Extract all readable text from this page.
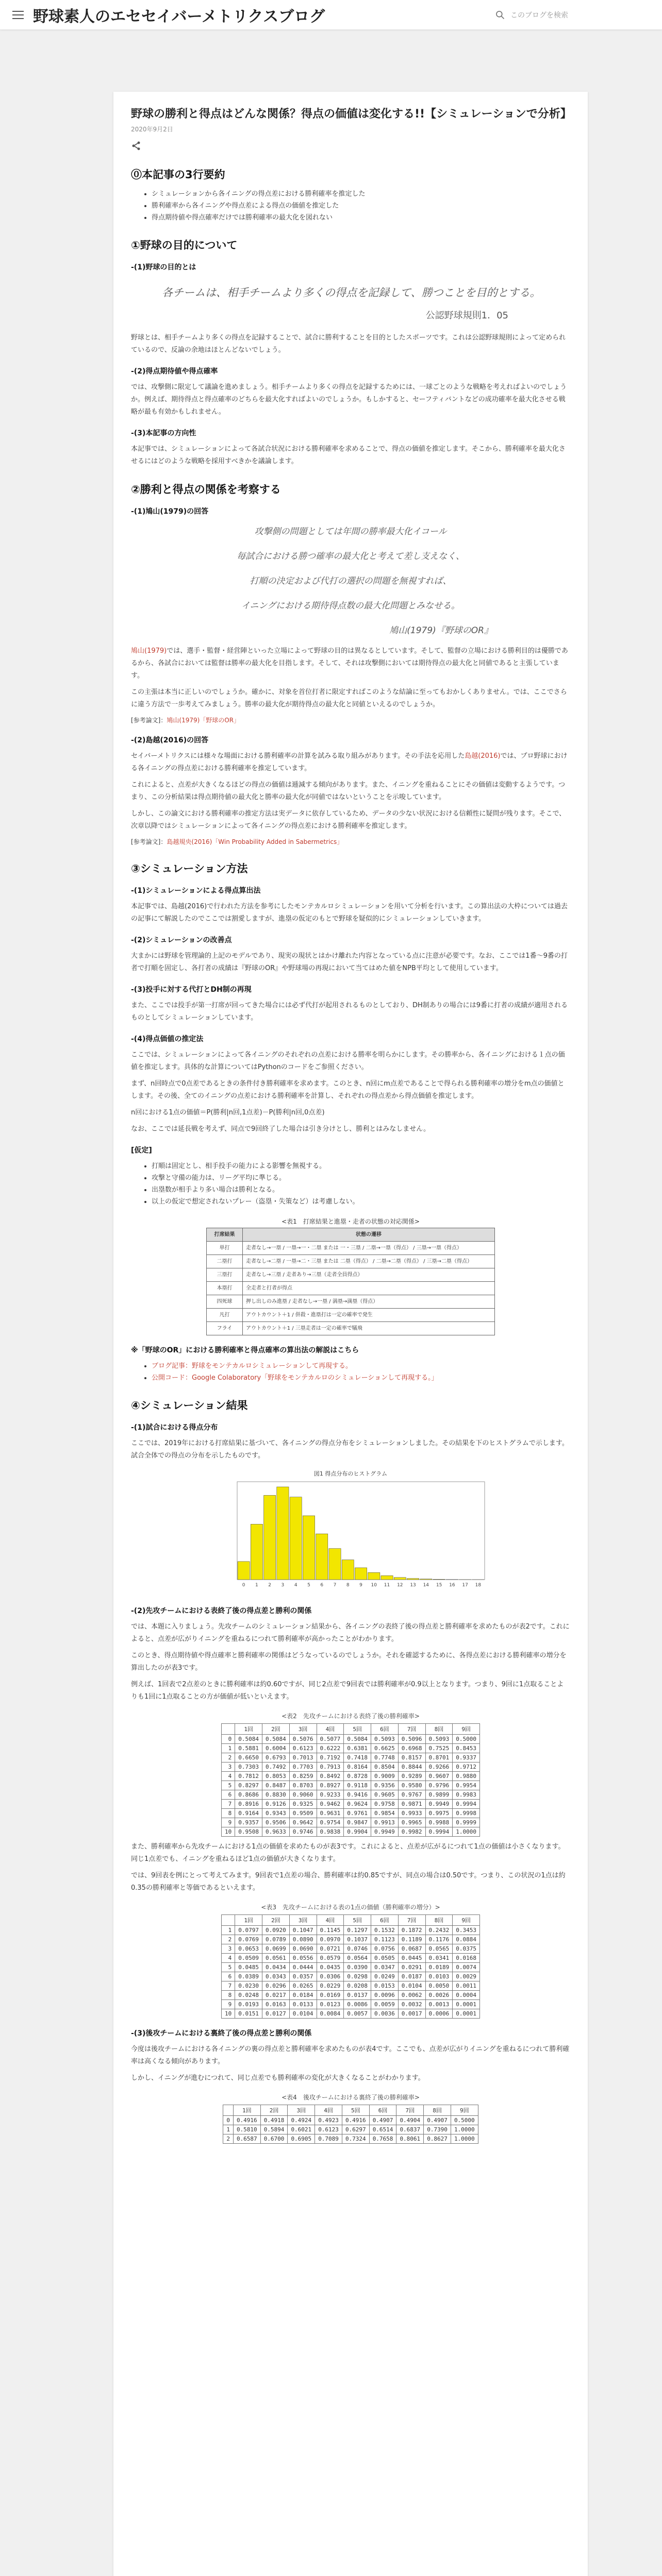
野球素人のエセセイバーメトリクスブログ	このブログを検索
野球の勝利と得点はどんな関係？得点の価値は変化する!!【シミュレーションで分析】
2020年9月2日
⓪本記事の3行要約
• シミュレーションから各イニングの得点差における勝利確率を推定した
• 勝利確率から各イニングや得点差による得点の価値を推定した
• 得点期待値や得点確率だけでは勝利確率の最大化を図れない
①野球の目的について
-(1)野球の目的とは
各チームは、相手チームより多くの得点を記録して、勝つことを目的とする。
公認野球規則1．05

野球とは、相手チームより多くの得点を記録することで、試合に勝利することを目的としたスポーツです。これは公認野球規則によって定められているので、反論の余地はほとんどないでしょう。

-(2)得点期待値や得点確率

では、攻撃側に限定して議論を進めましょう。相手チームより多くの得点を記録するためには、一球ごとのような戦略を考えればよいのでしょうか。例えば、期待得点と得点確率のどちらを最大化すればよいのでしょうか。もしかすると、セーフティバントなどの成功確率を最大化させる戦略が最も有効かもしれません。

-(3)本記事の方向性

本記事では、シミュレーションによって各試合状況における勝利確率を求めることで、得点の価値を推定します。そこから、勝利確率を最大化させるにはどのような戦略を採用すべきかを議論します。

②勝利と得点の関係を考察する
-(1)鳩山(1979)の回答
攻撃側の問題としては年間の勝率最大化イコール
毎試合における勝つ確率の最大化と考えて差し支えなく、
打順の決定および代打の選択の問題を無視すれば、
イニングにおける期待得点数の最大化問題とみなせる。
鳩山(1979)『野球のOR』

鳩山(1979)では、選手・監督・経営陣といった立場によって野球の目的は異なるとしています。そして、監督の立場における勝利目的は優勝であるから、各試合においては監督は勝率の最大化を目指します。そして、それは攻撃側においては期待得点の最大化と同値であると主張しています。

この主張は本当に正しいのでしょうか。確かに、対象を首位打者に限定すればこのような結論に至ってもおかしくありません。では、ここでさらに違う方法で一歩考えてみましょう。勝率の最大化が期待得点の最大化と同値といえるのでしょうか。

[参考論文]：鳩山(1979)「野球のOR」

-(2)島越(2016)の回答

セイバーメトリクスには様々な場面における勝利確率の計算を試みる取り組みがあります。その手法を応用した島越(2016)では、プロ野球における各イニングの得点差における勝利確率を推定しています。

これによると、点差が大きくなるほどの得点の価値は逓減する傾向があります。また、イニングを重ねることにその価値は変動するようです。つまり、この分析結果は得点期待値の最大化と勝率の最大化が同値ではないということを示唆しています。

しかし、この論文における勝利確率の推定方法は実データに依存しているため、データの少ない状況における信頼性に疑問が残ります。そこで、次章以降ではシミュレーションによって各イニングの得点差における勝利確率を推定します。

[参考論文]：島越規央(2016)「Win Probability Added in Sabermetrics」

③シミュレーション方法
-(1)シミュレーションによる得点算出法

本記事では、島越(2016)で行われた方法を参考にしたモンテカルロシミュレーションを用いて分析を行います。この算出法の大枠については過去の記事にて解説したのでここでは割愛しますが、進塁の仮定のもとで野球を疑似的にシミュレーションしていきます。

-(2)シミュレーションの改善点

大まかには野球を管理論的上記のモデルであり、現実の現状とはかけ離れた内容となっている点に注意が必要です。なお、ここでは1番〜9番の打者で打順を固定し、各打者の成績は『野球のOR』や野球場の再現において当てはめた値をNPB平均として使用しています。

-(3)投手に対する代打とDH制の再現

また、ここでは投手が第一打席が回ってきた場合には必ず代打が起用されるものとしており、DH制ありの場合には9番に打者の成績が適用されるものとしてシミュレーションしています。

-(4)得点価値の推定法

ここでは、シミュレーションによって各イニングのそれぞれの点差における勝率を明らかにします。その勝率から、各イニングにおける１点の価値を推定します。具体的な計算についてはPythonのコードをご参照ください。

まず、n回時点で0点差であるときの条件付き勝利確率を求めます。このとき、n回にm点差であることで得られる勝利確率の増分をm点の価値とします。その後、全てのイニングの点差における勝利確率を計算し、それぞれの得点差から得点価値を推定します。

n回における1点の価値＝P(勝利|n回,1点差)－P(勝利|n回,0点差)

なお、ここでは延長戦を考えず、同点で9回終了した場合は引き分けとし、勝利とはみなしません。

[仮定]
• 打順は固定とし、相手投手の能力による影響を無視する。
• 攻撃と守備の能力は、リーグ平均に準じる。
• 出塁数が相手より多い場合は勝利となる。
• 以上の仮定で想定されないプレー（盗塁・失策など）は考慮しない。
<表1　打席結果と進塁・走者の状態の対応関係>
打席結果	状態の遷移
単打	走者なし→一塁 / 一塁→一・二塁 または 一・三塁 / 二塁→一塁（得点） / 三塁→一塁（得点）
二塁打	走者なし→二塁 / 一塁→二・三塁 または 二塁（得点） / 二塁→二塁（得点） / 三塁→二塁（得点）
三塁打	走者なし→三塁 / 走者あり→三塁（走者全員得点）
本塁打	全走者と打者が得点
四死球	押し出しのみ進塁 / 走者なし→一塁 / 満塁→満塁（得点）
凡打	アウトカウント＋1 / 併殺・進塁打は一定の確率で発生
フライ	アウトカウント＋1 / 三塁走者は一定の確率で犠飛
※「野球のOR」における勝利確率と得点確率の算出法の解説はこちら
• ブログ記事：野球をモンテカルロシミュレーションして再現する。
• 公開コード：Google Colaboratory「野球をモンテカルロのシミュレーションして再現する。」
④シミュレーション結果
-(1)試合における得点分布

ここでは、2019年における打席結果に基づいて、各イニングの得点分布をシミュレーションしました。その結果を下のヒストグラムで示します。試合全体での得点の分布を示したものです。

図1 得点分布のヒストグラム
0 1 2 3 4 5 6 7 8 9 10 11 12 13 14 15 16 17 18
-(2)先攻チームにおける表終了後の得点差と勝利の関係

では、本題に入りましょう。先攻チームのシミュレーション結果から、各イニングの表終了後の得点差と勝利確率を求めたものが表2です。これによると、点差が広がりイニングを重ねるにつれて勝利確率が高かったことがわかります。

このとき、得点期待値や得点確率と勝利確率の関係はどうなっているのでしょうか。それを確認するために、各得点差における勝利確率の増分を算出したのが表3です。

例えば、1回表で2点差のときに勝利確率は約0.60ですが、同じ2点差で9回表では勝利確率が0.9以上となります。つまり、9回に1点取ることよりも1回に1点取ることの方が価値が低いといえます。

<表2　先攻チームにおける表終了後の勝利確率>
	1回	2回	3回	4回	5回	6回	7回	8回	9回
0	0.5084	0.5084	0.5076	0.5077	0.5084	0.5093	0.5096	0.5093	0.5000
1	0.5881	0.6004	0.6123	0.6222	0.6381	0.6625	0.6968	0.7525	0.8453
2	0.6650	0.6793	0.7013	0.7192	0.7418	0.7748	0.8157	0.8701	0.9337
3	0.7303	0.7492	0.7703	0.7913	0.8164	0.8504	0.8844	0.9266	0.9712
4	0.7812	0.8053	0.8259	0.8492	0.8728	0.9009	0.9289	0.9607	0.9880
5	0.8297	0.8487	0.8703	0.8927	0.9118	0.9356	0.9580	0.9796	0.9954
6	0.8686	0.8830	0.9060	0.9233	0.9416	0.9605	0.9767	0.9899	0.9983
7	0.8916	0.9126	0.9325	0.9462	0.9624	0.9758	0.9871	0.9949	0.9994
8	0.9164	0.9343	0.9509	0.9631	0.9761	0.9854	0.9933	0.9975	0.9998
9	0.9357	0.9506	0.9642	0.9754	0.9847	0.9913	0.9965	0.9988	0.9999
10	0.9508	0.9633	0.9746	0.9838	0.9904	0.9949	0.9982	0.9994	1.0000

また、勝利確率から先攻チームにおける1点の価値を求めたものが表3です。これによると、点差が広がるにつれて1点の価値は小さくなります。同じ1点差でも、イニングを重ねるほど1点の価値が大きくなります。

では、9回表を例にとって考えてみます。9回表で1点差の場合、勝利確率は約0.85ですが、同点の場合は0.50です。つまり、この状況の1点は約0.35の勝利確率と等価であるといえます。

<表3　先攻チームにおける表の1点の価値（勝利確率の増分）>
	1回	2回	3回	4回	5回	6回	7回	8回	9回
1	0.0797	0.0920	0.1047	0.1145	0.1297	0.1532	0.1872	0.2432	0.3453
2	0.0769	0.0789	0.0890	0.0970	0.1037	0.1123	0.1189	0.1176	0.0884
3	0.0653	0.0699	0.0690	0.0721	0.0746	0.0756	0.0687	0.0565	0.0375
4	0.0509	0.0561	0.0556	0.0579	0.0564	0.0505	0.0445	0.0341	0.0168
5	0.0485	0.0434	0.0444	0.0435	0.0390	0.0347	0.0291	0.0189	0.0074
6	0.0389	0.0343	0.0357	0.0306	0.0298	0.0249	0.0187	0.0103	0.0029
7	0.0230	0.0296	0.0265	0.0229	0.0208	0.0153	0.0104	0.0050	0.0011
8	0.0248	0.0217	0.0184	0.0169	0.0137	0.0096	0.0062	0.0026	0.0004
9	0.0193	0.0163	0.0133	0.0123	0.0086	0.0059	0.0032	0.0013	0.0001
10	0.0151	0.0127	0.0104	0.0084	0.0057	0.0036	0.0017	0.0006	0.0001
-(3)後攻チームにおける裏終了後の得点差と勝利の関係

今度は後攻チームにおける各イニングの裏の得点差と勝利確率を求めたものが表4です。ここでも、点差が広がりイニングを重ねるにつれて勝利確率は高くなる傾向があります。

しかし、イニングが進むにつれて、同じ点差でも勝利確率の変化が大きくなることがわかります。

<表4　後攻チームにおける裏終了後の勝利確率>
	1回	2回	3回	4回	5回	6回	7回	8回	9回
0	0.4916	0.4918	0.4924	0.4923	0.4916	0.4907	0.4904	0.4907	0.5000
1	0.5810	0.5894	0.6021	0.6123	0.6297	0.6514	0.6837	0.7390	1.0000
2	0.6587	0.6700	0.6905	0.7089	0.7324	0.7658	0.8061	0.8627	1.0000
